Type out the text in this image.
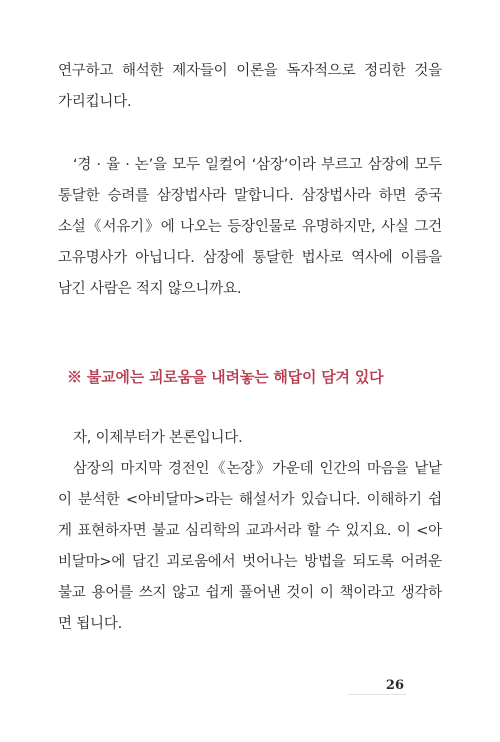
연구하고 해석한 제자들이 이론을 독자적으로 정리한 것을
가리킵니다.
‘경 · 율 · 논’을 모두 일컬어 ‘삼장’이라 부르고 삼장에 모두
통달한 승려를 삼장법사라 말합니다. 삼장법사라 하면 중국
소설《서유기》에 나오는 등장인물로 유명하지만, 사실 그건
고유명사가 아닙니다. 삼장에 통달한 법사로 역사에 이름을
남긴 사람은 적지 않으니까요.
※ 불교에는 괴로움을 내려놓는 해답이 담겨 있다
자, 이제부터가 본론입니다.
삼장의 마지막 경전인《논장》가운데 인간의 마음을 낱낱
이 분석한 <아비달마>라는 해설서가 있습니다. 이해하기 쉽
게 표현하자면 불교 심리학의 교과서라 할 수 있지요. 이 <아
비달마>에 담긴 괴로움에서 벗어나는 방법을 되도록 어려운
불교 용어를 쓰지 않고 쉽게 풀어낸 것이 이 책이라고 생각하
면 됩니다.
26
